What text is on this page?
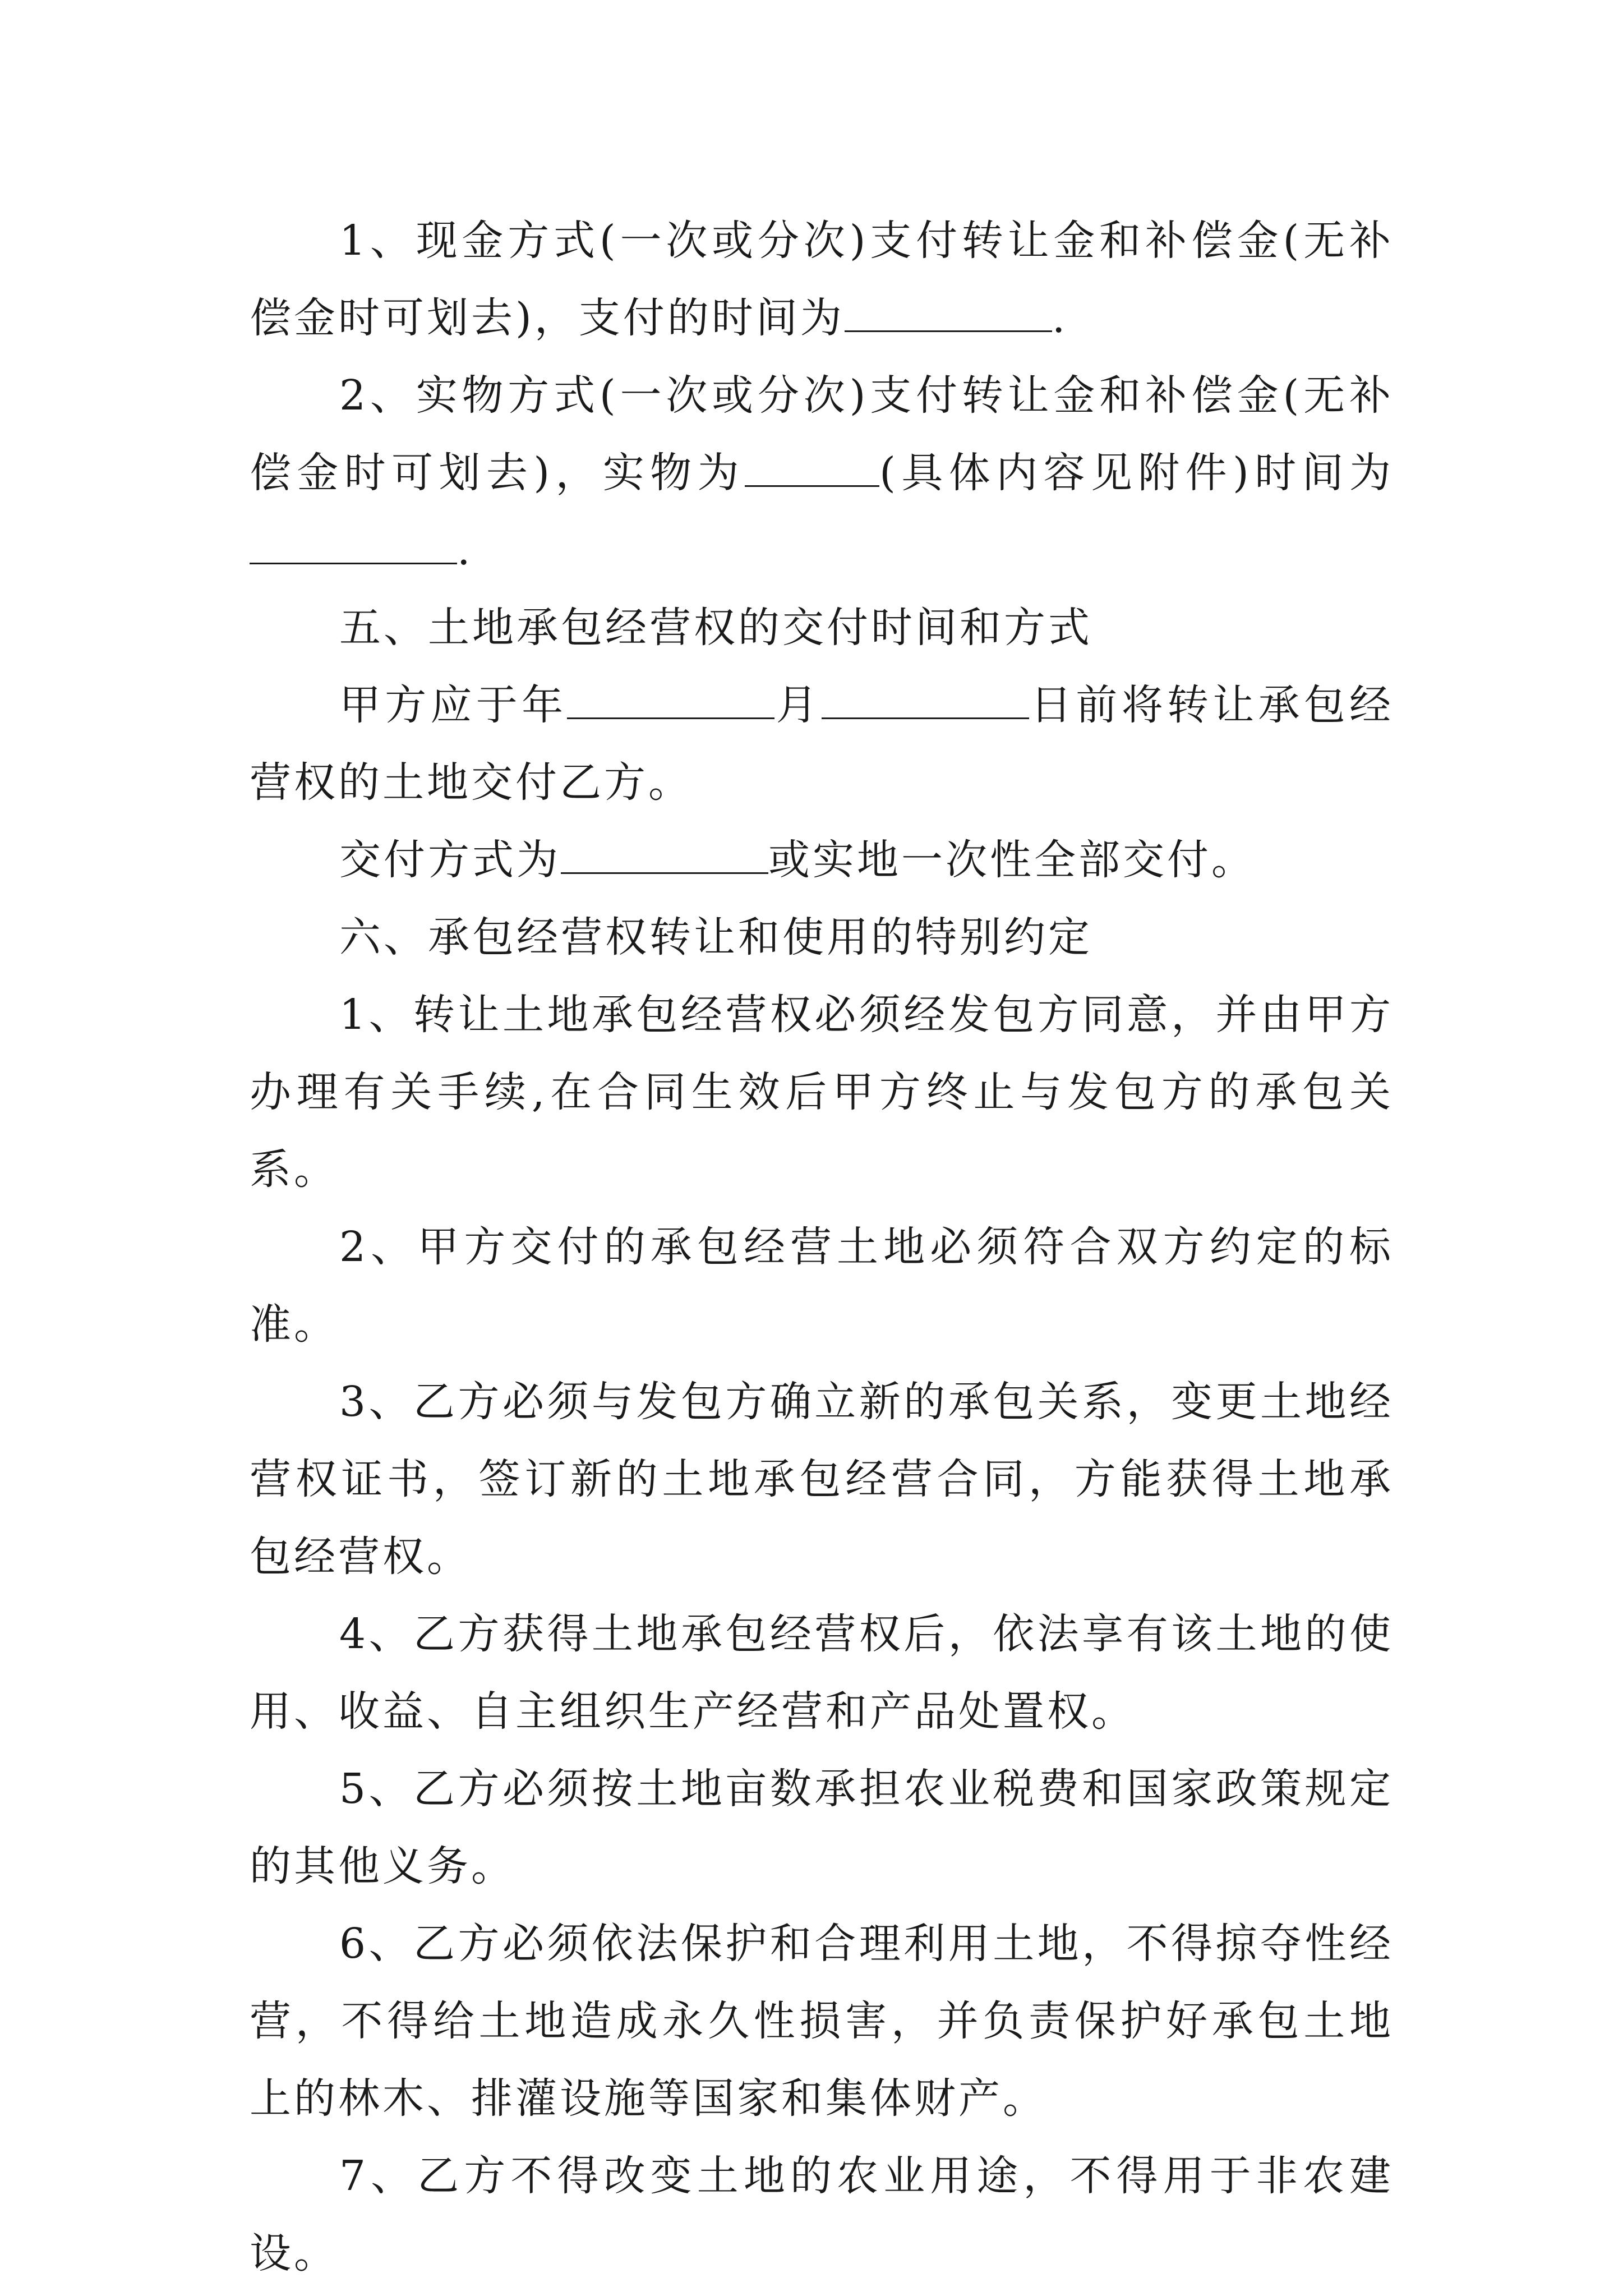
1、现金方式(一次或分次)支付转让金和补偿金(无补偿金时可划去)，支付的时间为	.

2、实物方式(一次或分次)支付转让金和补偿金(无补偿金时可划去)，实物为	(具体内容见附件)时间为.

五、土地承包经营权的交付时间和方式

甲方应于年	月	日前将转让承包经营权的土地交付乙方。

交付方式为	或实地一次性全部交付。

六、承包经营权转让和使用的特别约定

1、转让土地承包经营权必须经发包方同意，并由甲方办理有关手续,在合同生效后甲方终止与发包方的承包关系。

2、甲方交付的承包经营土地必须符合双方约定的标准。

3、乙方必须与发包方确立新的承包关系，变更土地经营权证书，签订新的土地承包经营合同，方能获得土地承包经营权。

4、乙方获得土地承包经营权后，依法享有该土地的使用、收益、自主组织生产经营和产品处置权。

5、乙方必须按土地亩数承担农业税费和国家政策规定的其他义务。

6、乙方必须依法保护和合理利用土地，不得掠夺性经营，不得给土地造成永久性损害，并负责保护好承包土地上的林木、排灌设施等国家和集体财产。

7、乙方不得改变土地的农业用途，不得用于非农建设。
